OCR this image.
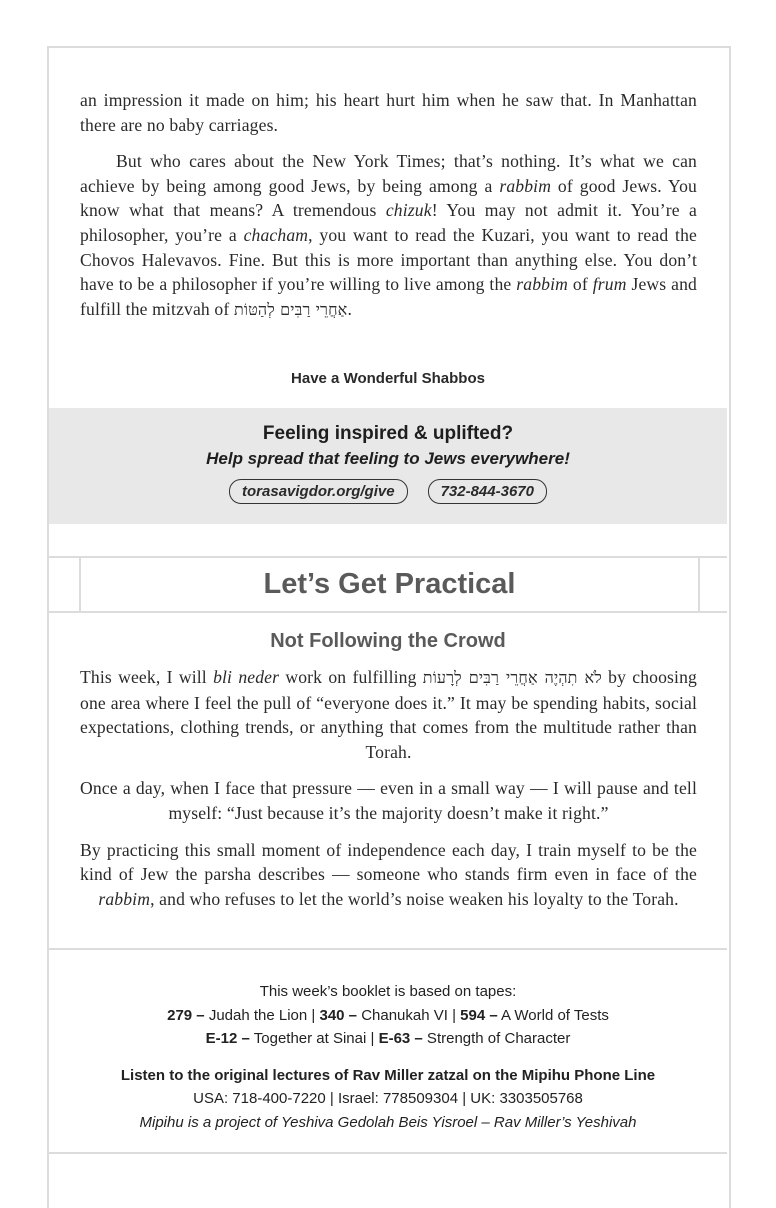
an impression it made on him; his heart hurt him when he saw that. In Manhattan there are no baby carriages.

But who cares about the New York Times; that’s nothing. It’s what we can achieve by being among good Jews, by being among a rabbim of good Jews. You know what that means? A tremendous chizuk! You may not admit it. You’re a philosopher, you’re a chacham, you want to read the Kuzari, you want to read the Chovos Halevavos. Fine. But this is more important than anything else. You don’t have to be a philosopher if you’re willing to live among the rabbim of frum Jews and fulfill the mitzvah of אַחֲרֵי רַבִּים לְהַטּוֹת.

Have a Wonderful Shabbos
Feeling inspired & uplifted?
Help spread that feeling to Jews everywhere!
torasavigdor.org/give	732-844-3670
Let’s Get Practical
Not Following the Crowd

This week, I will bli neder work on fulfilling לֹא תִהְיֶה אַחֲרֵי רַבִּים לְרָעוֹת by choosing one area where I feel the pull of “everyone does it.” It may be spending habits, social expectations, clothing trends, or anything that comes from the multitude rather than Torah.

Once a day, when I face that pressure — even in a small way — I will pause and tell myself: “Just because it’s the majority doesn’t make it right.”

By practicing this small moment of independence each day, I train myself to be the kind of Jew the parsha describes — someone who stands firm even in face of the rabbim, and who refuses to let the world’s noise weaken his loyalty to the Torah.

This week’s booklet is based on tapes:
279 – Judah the Lion | 340 – Chanukah VI | 594 – A World of Tests
E-12 – Together at Sinai | E-63 – Strength of Character
Listen to the original lectures of Rav Miller zatzal on the Mipihu Phone Line
USA: 718-400-7220 | Israel: 778509304 | UK: 3303505768
Mipihu is a project of Yeshiva Gedolah Beis Yisroel – Rav Miller’s Yeshivah
